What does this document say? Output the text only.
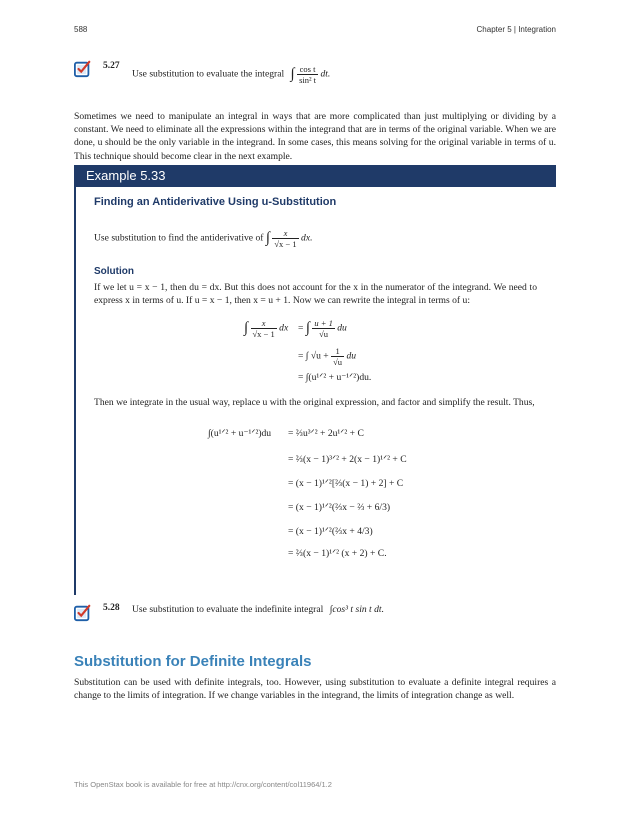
588	Chapter 5 | Integration
5.27
Use substitution to evaluate the integral ∫ $\frac{\text{cos t}}{\text{sin² t}}$ dt.
Sometimes we need to manipulate an integral in ways that are more complicated than just multiplying or dividing by a constant. We need to eliminate all the expressions within the integrand that are in terms of the original variable. When we are done, u should be the only variable in the integrand. In some cases, this means solving for the original variable in terms of u. This technique should become clear in the next example.
Example 5.33
Finding an Antiderivative Using u-Substitution
Use substitution to find the antiderivative of ∫ $\frac{x}{√x - 1}$ dx.
Solution
If we let u = x − 1, then du = dx. But this does not account for the x in the numerator of the integrand. We need to express x in terms of u. If u = x − 1, then x = u + 1. Now we can rewrite the integral in terms of u:
∫ $\frac{x}{√x - 1}$ dx = ∫ $\frac{u + 1}{√u}$ du
= ∫ $√u + \frac{1}{√u}$ du
= ∫(u¹ᐟ² + u⁻¹ᐟ²)du.
Then we integrate in the usual way, replace u with the original expression, and factor and simplify the result. Thus,
∫(u¹ᐟ² + u⁻¹ᐟ²)du = ⅔u³ᐟ² + 2u¹ᐟ² + C
= ⅔(x − 1)³ᐟ² + 2(x − 1)¹ᐟ² + C
= (x − 1)¹ᐟ²[⅔(x − 1) + 2] + C
= (x − 1)¹ᐟ²(⅔x − ⅔ + 6/3)
= (x − 1)¹ᐟ²(⅔x + 4/3)
= ⅔(x − 1)¹ᐟ² (x + 2) + C.
5.28 Use substitution to evaluate the indefinite integral ∫cos³ t sin t dt.
Substitution for Definite Integrals
Substitution can be used with definite integrals, too. However, using substitution to evaluate a definite integral requires a change to the limits of integration. If we change variables in the integrand, the limits of integration change as well.
This OpenStax book is available for free at http://cnx.org/content/col11964/1.2
